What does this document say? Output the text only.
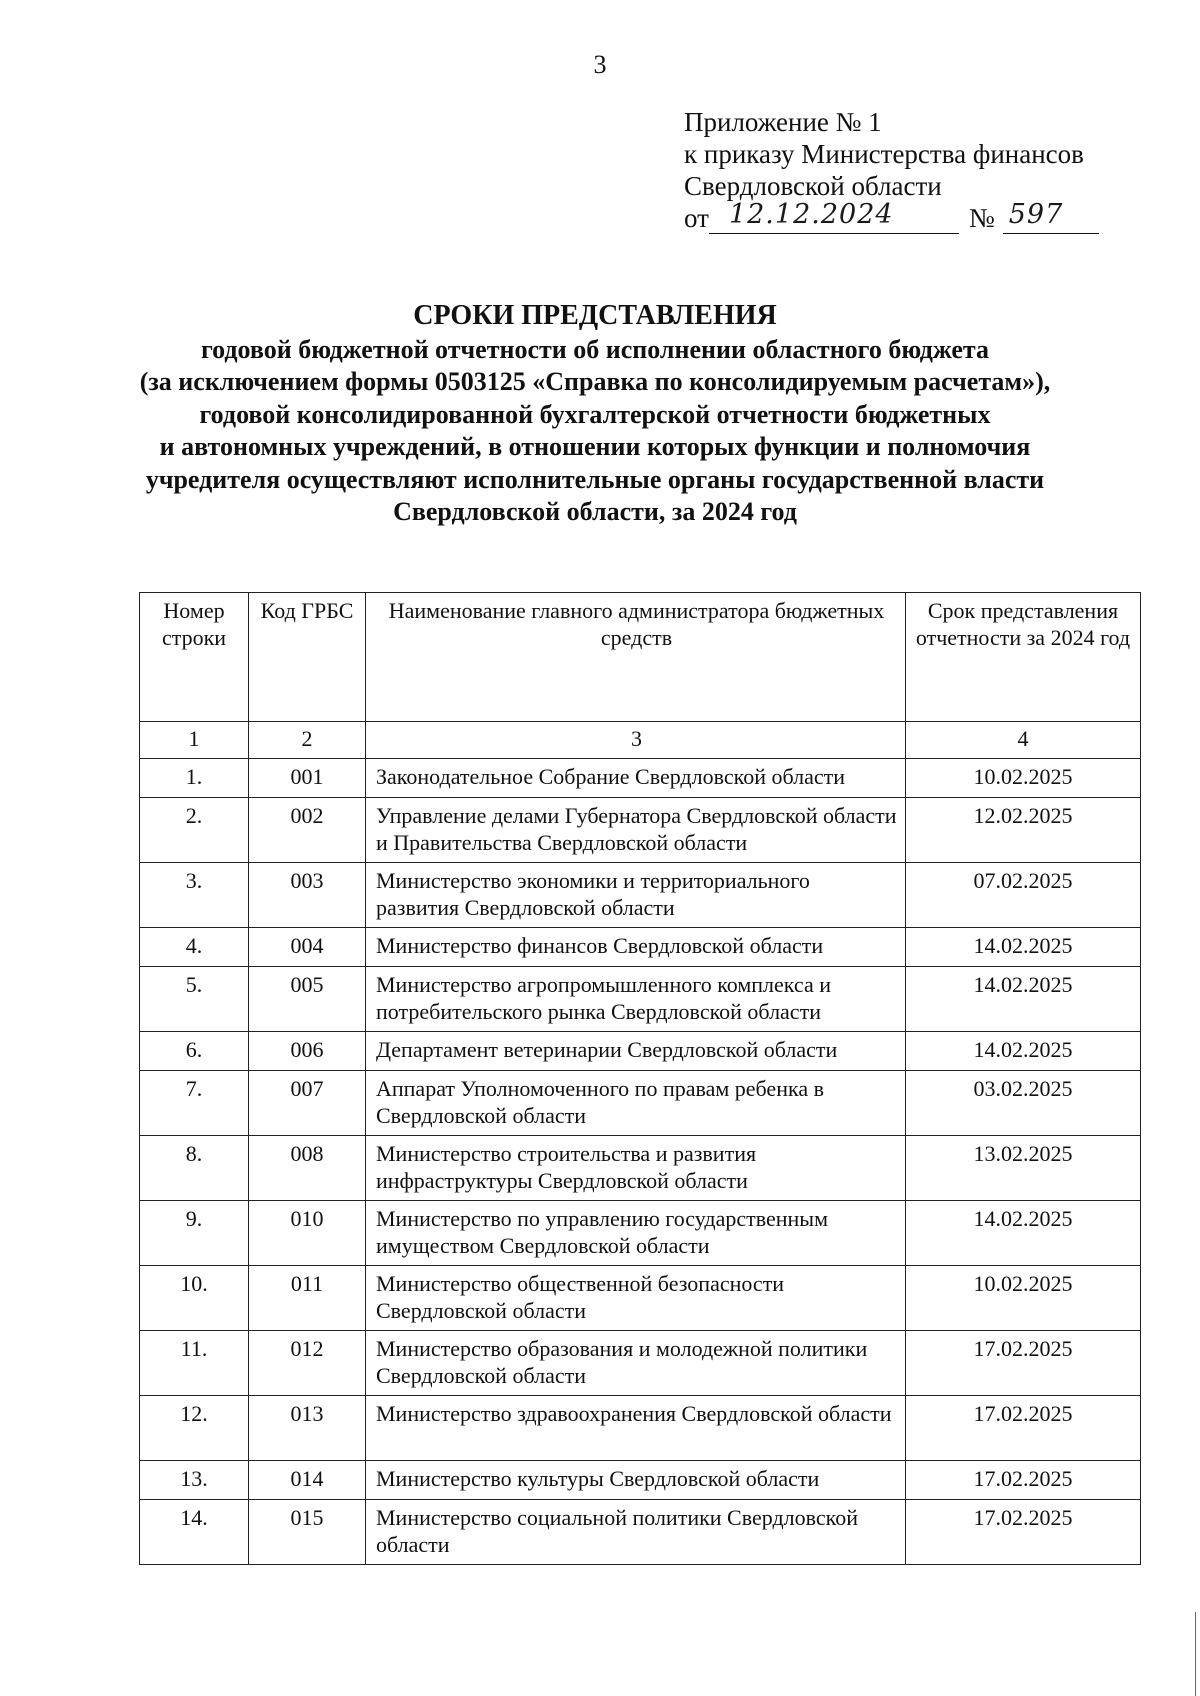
3
Приложение № 1
к приказу Министерства финансов
Свердловской области
от 12.12.2024	№ 597
СРОКИ ПРЕДСТАВЛЕНИЯ
годовой бюджетной отчетности об исполнении областного бюджета
(за исключением формы 0503125 «Справка по консолидируемым расчетам»),
годовой консолидированной бухгалтерской отчетности бюджетных
и автономных учреждений, в отношении которых функции и полномочия
учредителя осуществляют исполнительные органы государственной власти
Свердловской области, за 2024 год
Номер строки	Код ГРБС	Наименование главного администратора бюджетных средств	Срок представления отчетности за 2024 год
1	2	3	4
1.	001	Законодательное Собрание Свердловской области	10.02.2025
2.	002	Управление делами Губернатора Свердловской области и Правительства Свердловской области	12.02.2025
3.	003	Министерство экономики и территориального развития Свердловской области	07.02.2025
4.	004	Министерство финансов Свердловской области	14.02.2025
5.	005	Министерство агропромышленного комплекса и потребительского рынка Свердловской области	14.02.2025
6.	006	Департамент ветеринарии Свердловской области	14.02.2025
7.	007	Аппарат Уполномоченного по правам ребенка в Свердловской области	03.02.2025
8.	008	Министерство строительства и развития инфраструктуры Свердловской области	13.02.2025
9.	010	Министерство по управлению государственным имуществом Свердловской области	14.02.2025
10.	011	Министерство общественной безопасности Свердловской области	10.02.2025
11.	012	Министерство образования и молодежной политики Свердловской области	17.02.2025
12.	013	Министерство здравоохранения Свердловской области	17.02.2025
13.	014	Министерство культуры Свердловской области	17.02.2025
14.	015	Министерство социальной политики Свердловской области	17.02.2025
